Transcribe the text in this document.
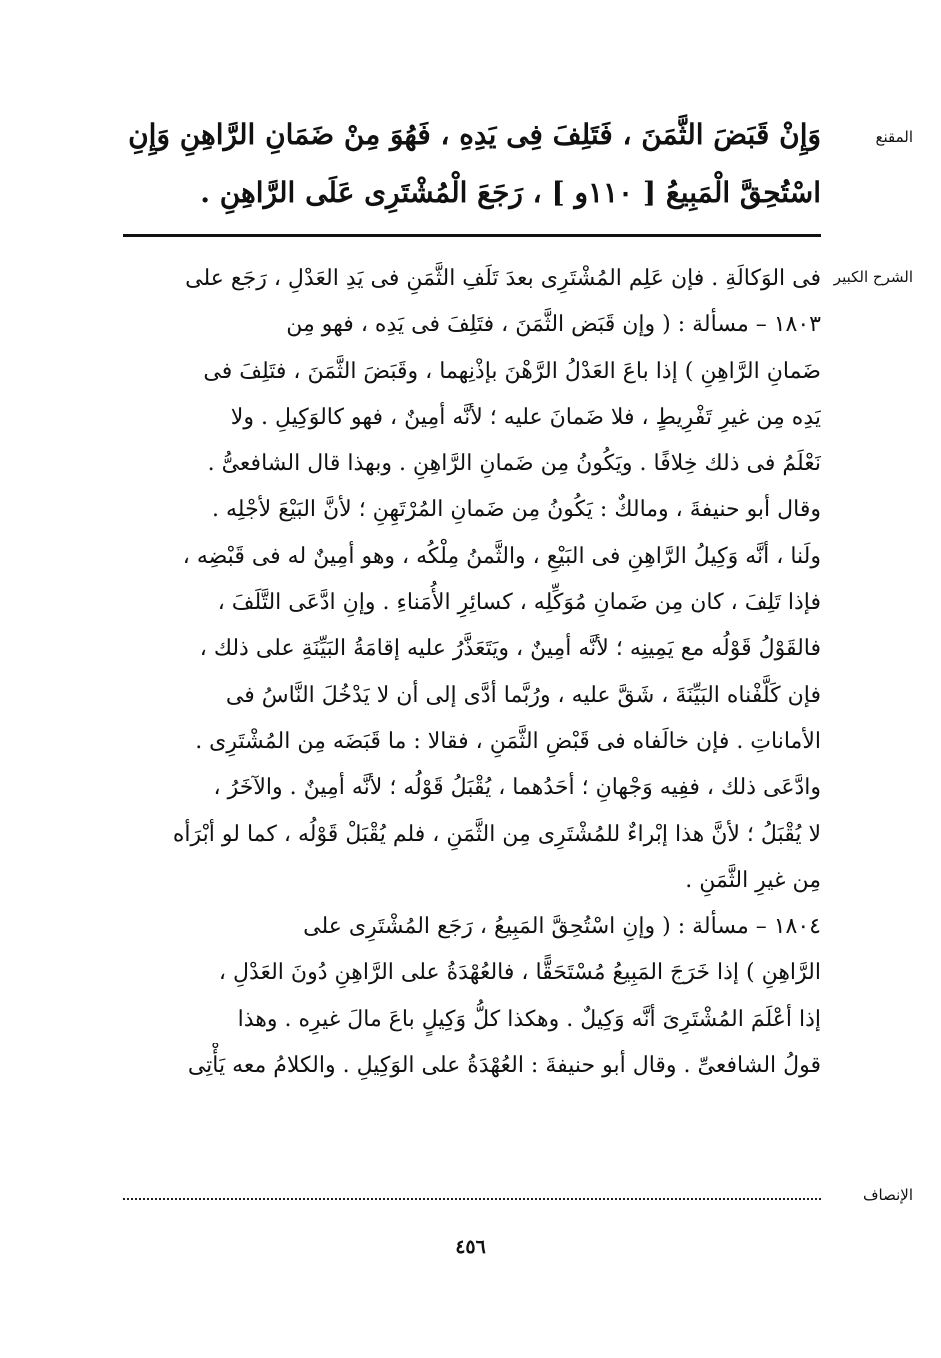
المقنع
وَإِنْ قَبَضَ الثَّمَنَ ، فَتَلِفَ فِى يَدِهِ ، فَهُوَ مِنْ ضَمَانِ الرَّاهِنِ وَإِنِ
اسْتُحِقَّ الْمَبِيعُ [ ١١٠و ] ، رَجَعَ الْمُشْتَرِى عَلَى الرَّاهِنِ .
الشرح الكبير
فى الوَكالَةِ . فإن عَلِم المُشْتَرِى بعدَ تَلَفِ الثَّمَنِ فى يَدِ العَدْلِ ، رَجَع على
١٨٠٣ – مسألة : ( وإن قَبَض الثَّمَنَ ، فتَلِفَ فى يَدِه ، فهو مِن
ضَمانِ الرَّاهِنِ ) إذا باعَ العَدْلُ الرَّهْنَ بإذْنِهما ، وقَبَضَ الثَّمَنَ ، فتَلِفَ فى
يَدِه مِن غيرِ تَفْرِيطٍ ، فلا ضَمانَ عليه ؛ لأنَّه أمِينٌ ، فهو كالوَكِيلِ . ولا
نَعْلَمُ فى ذلك خِلافًا . ويَكُونُ مِن ضَمانِ الرَّاهِنِ . وبهذا قال الشافعىُّ .
وقال أبو حنيفةَ ، ومالكٌ : يَكُونُ مِن ضَمانِ المُرْتَهِنِ ؛ لأنَّ البَيْعَ لأجْلِه .
ولَنا ، أنَّه وَكِيلُ الرَّاهِنِ فى البَيْعِ ، والثَّمنُ مِلْكُه ، وهو أمِينٌ له فى قَبْضِه ،
فإذا تَلِفَ ، كان مِن ضَمانِ مُوَكِّلِه ، كسائِرِ الأُمَناءِ . وإنِ ادَّعَى التَّلَفَ ،
فالقَوْلُ قَوْلُه مع يَمِينِه ؛ لأنَّه أمِينٌ ، ويَتَعَذَّرُ عليه إقامَةُ البَيِّنَةِ على ذلك ،
فإن كَلَّفْناه البَيِّنَةَ ، شَقَّ عليه ، ورُبَّما أدَّى إلى أن لا يَدْخُلَ النَّاسُ فى
الأماناتِ . فإن خالَفاه فى قَبْضِ الثَّمَنِ ، فقالا : ما قَبَضَه مِن المُشْتَرِى .
وادَّعَى ذلك ، ففِيه وَجْهانِ ؛ أحَدُهما ، يُقْبَلُ قَوْلُه ؛ لأنَّه أمِينٌ . والآخَرُ ،
لا يُقْبَلُ ؛ لأنَّ هذا إبْراءٌ للمُشْتَرِى مِن الثَّمَنِ ، فلم يُقْبَلْ قَوْلُه ، كما لو أبْرَأه
مِن غيرِ الثَّمَنِ .
١٨٠٤ – مسألة : ( وإنِ اسْتُحِقَّ المَبِيعُ ، رَجَع المُشْتَرِى على
الرَّاهِنِ ) إذا خَرَجَ المَبِيعُ مُسْتَحَقًّا ، فالعُهْدَةُ على الرَّاهِنِ دُونَ العَدْلِ ،
إذا أعْلَمَ المُشْتَرِىَ أنَّه وَكِيلٌ . وهكذا كلُّ وَكِيلٍ باعَ مالَ غيرِه . وهذا
قولُ الشافعىِّ . وقال أبو حنيفةَ : العُهْدَةُ على الوَكِيلِ . والكلامُ معه يَأْتِى
الإنصاف
٤٥٦
